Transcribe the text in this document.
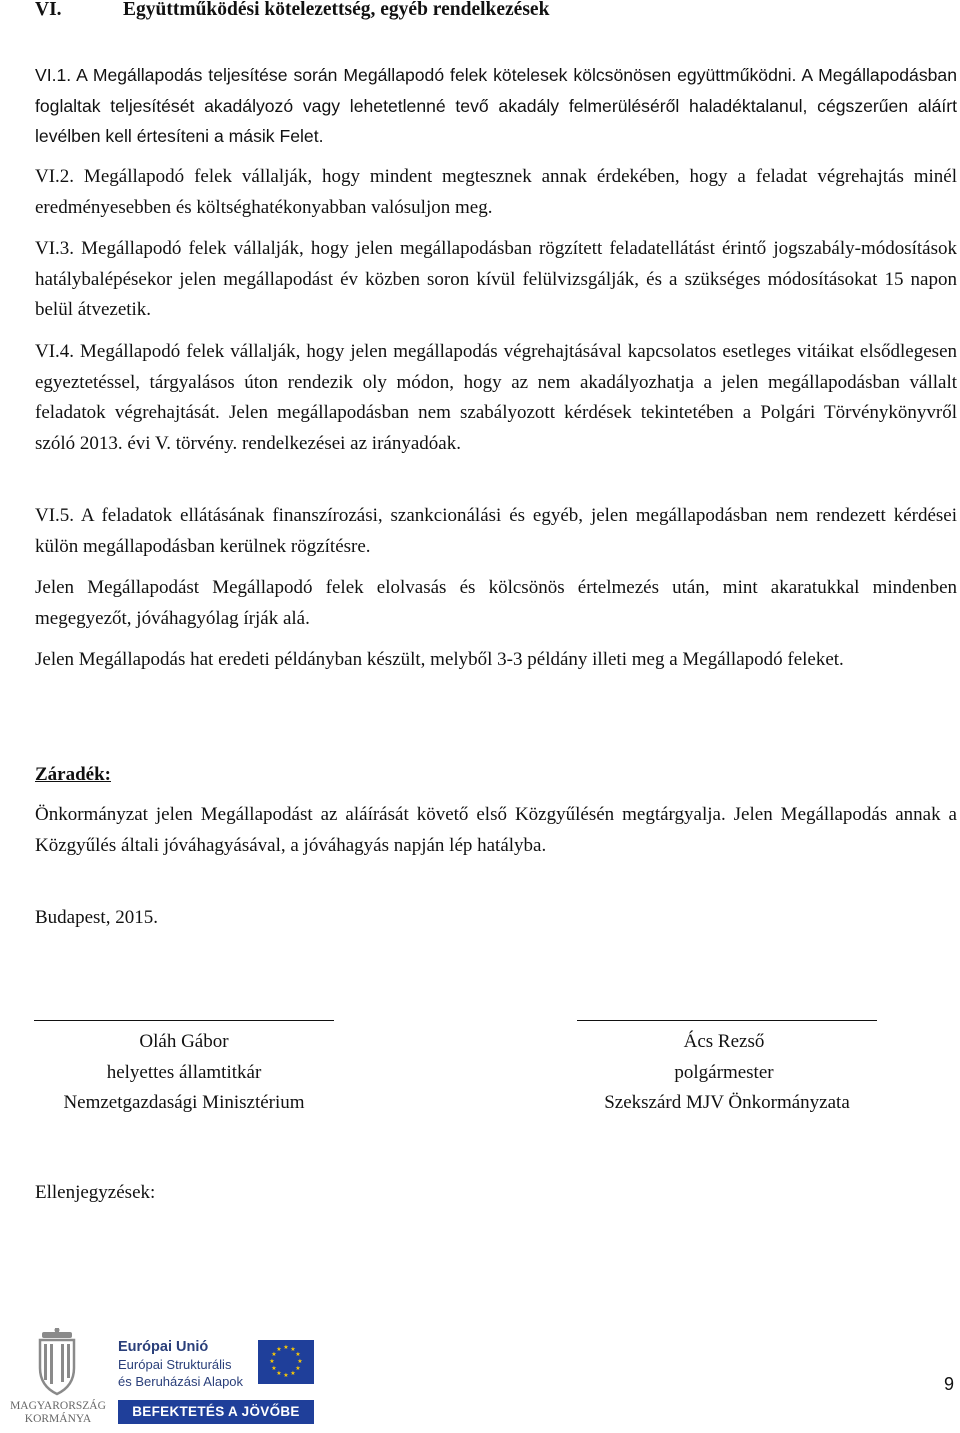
VI.	Együttműködési kötelezettség, egyéb rendelkezések

VI.1. A Megállapodás teljesítése során Megállapodó felek kötelesek kölcsönösen együttműködni. A Megállapodásban foglaltak teljesítését akadályozó vagy lehetetlenné tevő akadály felmerüléséről haladéktalanul, cégszerűen aláírt levélben kell értesíteni a másik Felet.

VI.2. Megállapodó felek vállalják, hogy mindent megtesznek annak érdekében, hogy a feladat végrehajtás minél eredményesebben és költséghatékonyabban valósuljon meg.

VI.3. Megállapodó felek vállalják, hogy jelen megállapodásban rögzített feladatellátást érintő jogszabály-módosítások hatálybalépésekor jelen megállapodást év közben soron kívül felülvizsgálják, és a szükséges módosításokat 15 napon belül átvezetik.

VI.4. Megállapodó felek vállalják, hogy jelen megállapodás végrehajtásával kapcsolatos esetleges vitáikat elsődlegesen egyeztetéssel, tárgyalásos úton rendezik oly módon, hogy az nem akadályozhatja a jelen megállapodásban vállalt feladatok végrehajtását. Jelen megállapodásban nem szabályozott kérdések tekintetében a Polgári Törvénykönyvről szóló 2013. évi V. törvény. rendelkezései az irányadóak.

VI.5. A feladatok ellátásának finanszírozási, szankcionálási és egyéb, jelen megállapodásban nem rendezett kérdései külön megállapodásban kerülnek rögzítésre.

Jelen Megállapodást Megállapodó felek elolvasás és kölcsönös értelmezés után, mint akaratukkal mindenben megegyezőt, jóváhagyólag írják alá.

Jelen Megállapodás hat eredeti példányban készült, melyből 3-3 példány illeti meg a Megállapodó feleket.

Záradék:

Önkormányzat jelen Megállapodást az aláírását követő első Közgyűlésén megtárgyalja. Jelen Megállapodás annak a Közgyűlés általi jóváhagyásával, a jóváhagyás napján lép hatályba.

Budapest, 2015.

Oláh Gábor
helyettes államtitkár
Nemzetgazdasági Minisztérium
Ács Rezső
polgármester
Szekszárd MJV Önkormányzata

Ellenjegyzések:

MAGYARORSZÁG
KORMÁNYA
Európai Unió
Európai Strukturális
és Beruházási Alapok
★ ★
★
★
★
★
★
★
★
★
★
★
BEFEKTETÉS A JÖVŐBE
9
